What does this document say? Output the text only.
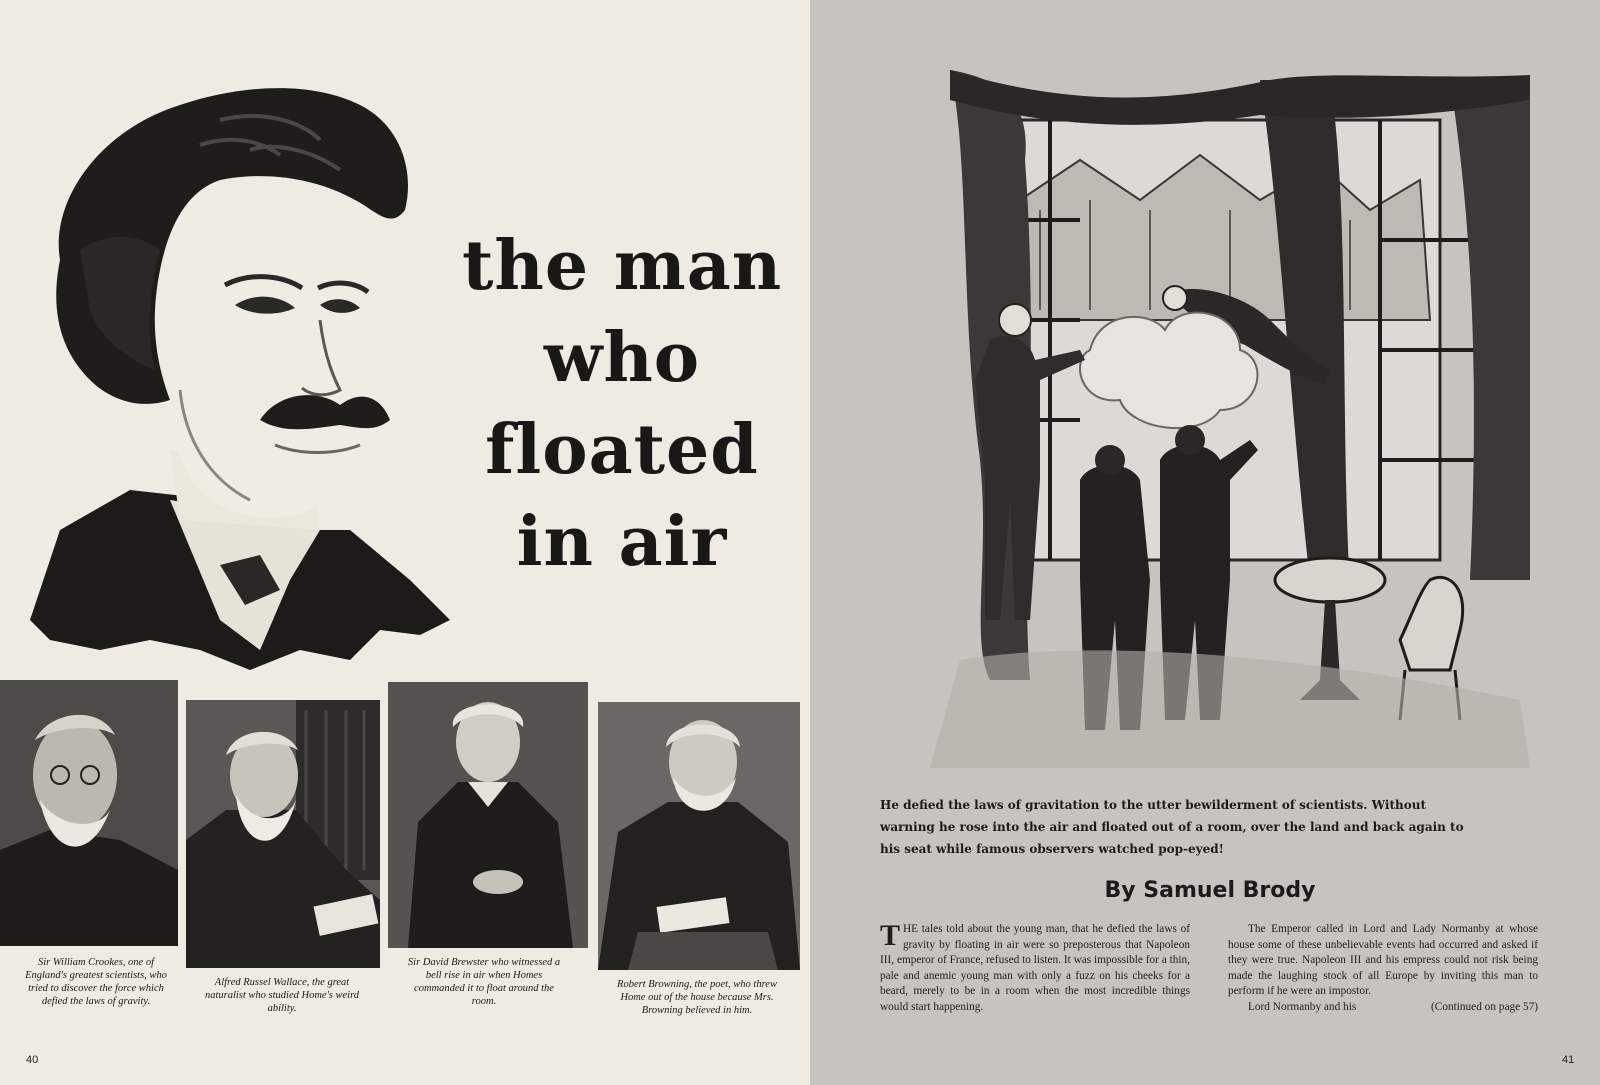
the man
who
floated
in air
Sir William Crookes, one of England's greatest scientists, who tried to discover the force which defied the laws of gravity.
Alfred Russel Wallace, the great naturalist who studied Home's weird ability.
Sir David Brewster who witnessed a bell rise in air when Homes commanded it to float around the room.
Robert Browning, the poet, who threw Home out of the house because Mrs. Browning believed in him.
40
He defied the laws of gravitation to the utter bewilderment of scientists. Without warning he rose into the air and floated out of a room, over the land and back again to his seat while famous observers watched pop-eyed!
By Samuel Brody
THE tales told about the young man, that he defied the laws of gravity by floating in air were so preposterous that Napoleon III, emperor of France, refused to listen. It was impossible for a thin, pale and anemic young man with only a fuzz on his cheeks for a beard, merely to be in a room when the most incredible things would start happening.
The Emperor called in Lord and Lady Normanby at whose house some of these unbelievable events had occurred and asked if they were true. Napoleon III and his empress could not risk being made the laughing stock of all Europe by inviting this man to perform if he were an impostor.
Lord Normanby and his	(Continued on page 57)
41
